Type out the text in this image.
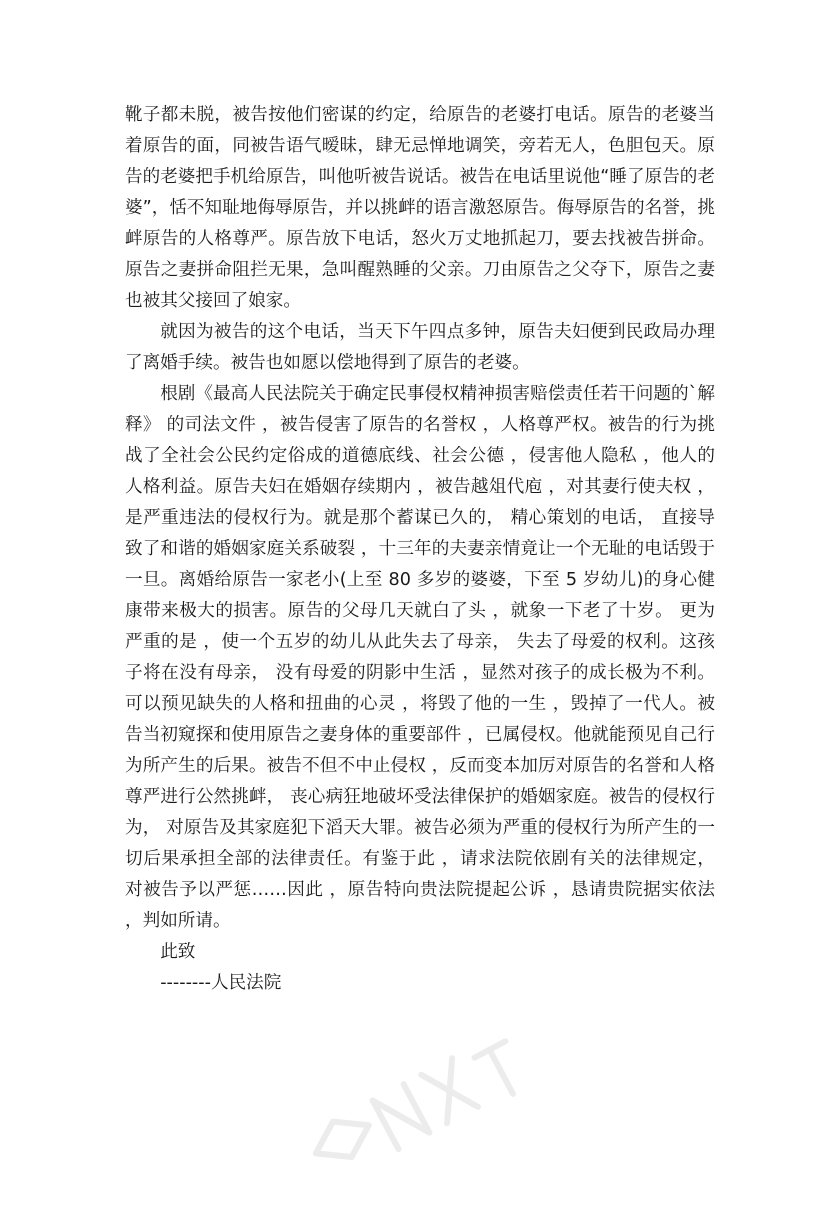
靴子都未脱，被告按他们密谋的约定，给原告的老婆打电话。原告的老婆当着原告的面，同被告语气暧昧，肆无忌惮地调笑，旁若无人，色胆包天。原告的老婆把手机给原告，叫他听被告说话。被告在电话里说他“睡了原告的老婆”，恬不知耻地侮辱原告，并以挑衅的语言激怒原告。侮辱原告的名誉，挑衅原告的人格尊严。原告放下电话，怒火万丈地抓起刀，要去找被告拼命。原告之妻拼命阻拦无果，急叫醒熟睡的父亲。刀由原告之父夺下，原告之妻也被其父接回了娘家。

就因为被告的这个电话，当天下午四点多钟，原告夫妇便到民政局办理了离婚手续。被告也如愿以偿地得到了原告的老婆。

根剧《最高人民法院关于确定民事侵权精神损害赔偿责任若干问题的`解释》 的司法文件 ，被告侵害了原告的名誉权 ，人格尊严权。被告的行为挑战了全社会公民约定俗成的道德底线、社会公德 ，侵害他人隐私 ，他人的人格利益。原告夫妇在婚姻存续期内 ，被告越俎代庖 ，对其妻行使夫权 ，是严重违法的侵权行为。就是那个蓄谋已久的， 精心策划的电话， 直接导致了和谐的婚姻家庭关系破裂 ，十三年的夫妻亲情竟让一个无耻的电话毁于一旦。离婚给原告一家老小(上至 80 多岁的婆婆，下至 5 岁幼儿)的身心健康带来极大的损害。原告的父母几天就白了头 ，就象一下老了十岁。 更为严重的是 ，使一个五岁的幼儿从此失去了母亲， 失去了母爱的权利。这孩子将在没有母亲， 没有母爱的阴影中生活 ，显然对孩子的成长极为不利。 可以预见缺失的人格和扭曲的心灵 ，将毁了他的一生 ，毁掉了一代人。被告当初窥探和使用原告之妻身体的重要部件 ，已属侵权。他就能预见自己行为所产生的后果。被告不但不中止侵权 ，反而变本加厉对原告的名誉和人格尊严进行公然挑衅， 丧心病狂地破坏受法律保护的婚姻家庭。被告的侵权行为， 对原告及其家庭犯下滔天大罪。被告必须为严重的侵权行为所产生的一切后果承担全部的法律责任。有鉴于此 ，请求法院依剧有关的法律规定， 对被告予以严惩……因此 ，原告特向贵法院提起公诉 ，恳请贵院据实依法 ，判如所请。

此致

--------人民法院
